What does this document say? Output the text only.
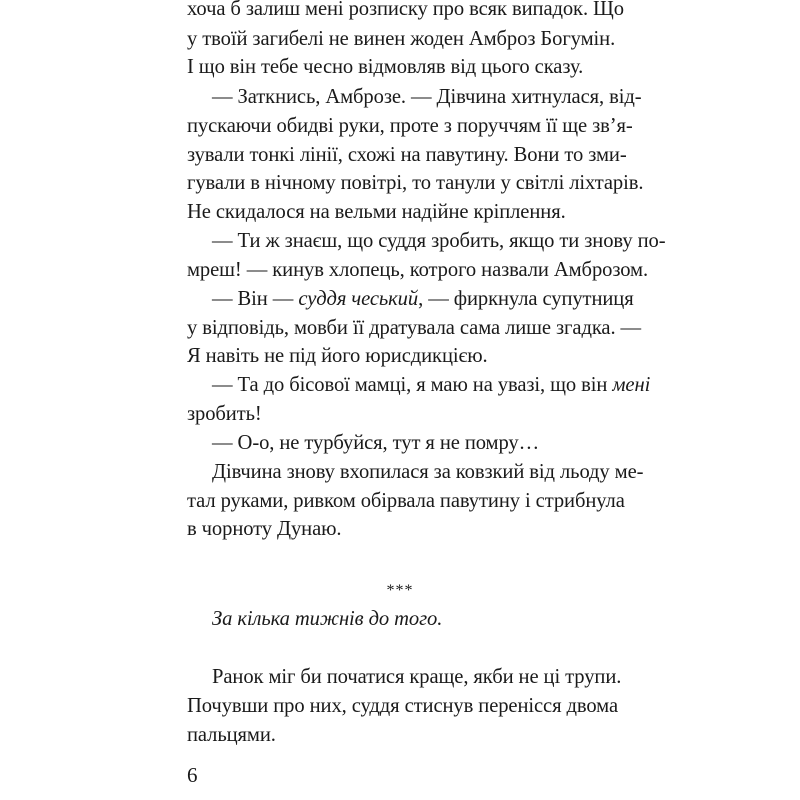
хоча б залиш мені розписку про всяк випадок. Що
у твоїй загибелі не винен жоден Амброз Богумін.
І що він тебе чесно відмовляв від цього сказу.
— Заткнись, Амброзе. — Дівчина хитнулася, від-
пускаючи обидві руки, проте з поруччям її ще зв’я-
зували тонкі лінії, схожі на павутину. Вони то зми-
гували в нічному повітрі, то танули у світлі ліхтарів.
Не скидалося на вельми надійне кріплення.
— Ти ж знаєш, що суддя зробить, якщо ти знову по-
мреш! — кинув хлопець, котрого назвали Амброзом.
— Він — суддя чеський, — фиркнула супутниця
у відповідь, мовби її дратувала сама лише згадка. —
Я навіть не під його юрисдикцією.
— Та до бісової мамці, я маю на увазі, що він мені
зробить!
— О-о, не турбуйся, тут я не помру…
Дівчина знову вхопилася за ковзкий від льоду ме-
тал руками, ривком обірвала павутину і стрибнула
в чорноту Дунаю.
***
За кілька тижнів до того.
Ранок міг би початися краще, якби не ці трупи.
Почувши про них, суддя стиснув перенісся двома
пальцями.
6
